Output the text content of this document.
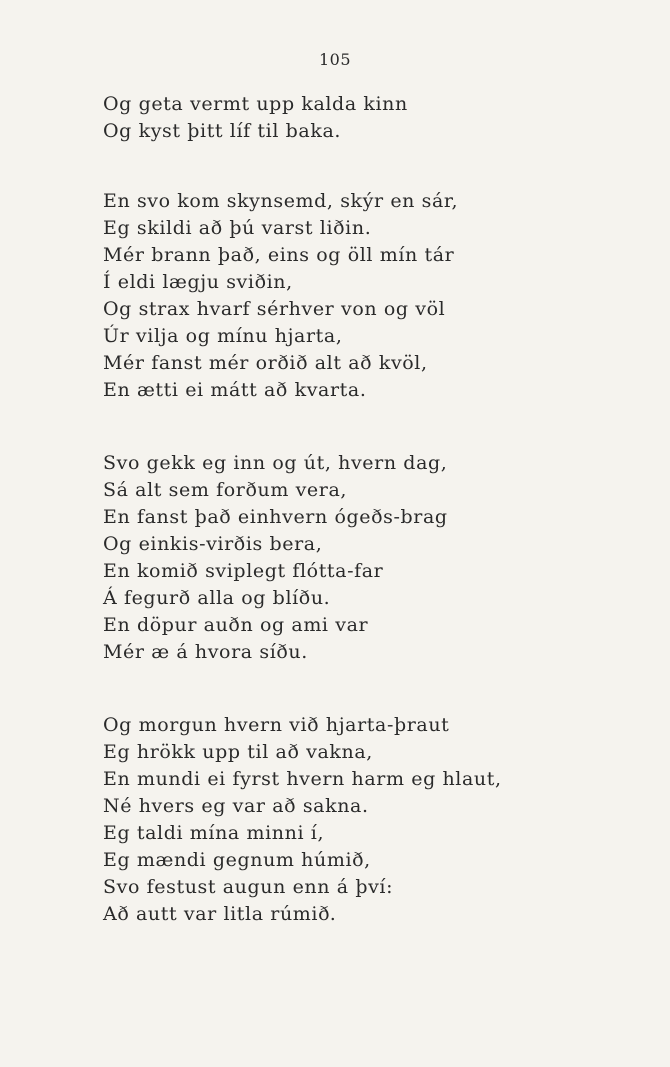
105
Og geta vermt upp kalda kinn
Og kyst þitt líf til baka.
En svo kom skynsemd, skýr en sár,
Eg skildi að þú varst liðin.
Mér brann það, eins og öll mín tár
Í eldi lægju sviðin,
Og strax hvarf sérhver von og völ
Úr vilja og mínu hjarta,
Mér fanst mér orðið alt að kvöl,
En ætti ei mátt að kvarta.
Svo gekk eg inn og út, hvern dag,
Sá alt sem forðum vera,
En fanst það einhvern ógeðs-brag
Og einkis-virðis bera,
En komið sviplegt flótta-far
Á fegurð alla og blíðu.
En döpur auðn og ami var
Mér æ á hvora síðu.
Og morgun hvern við hjarta-þraut
Eg hrökk upp til að vakna,
En mundi ei fyrst hvern harm eg hlaut,
Né hvers eg var að sakna.
Eg taldi mína minni í,
Eg mændi gegnum húmið,
Svo festust augun enn á því:
Að autt var litla rúmið.
